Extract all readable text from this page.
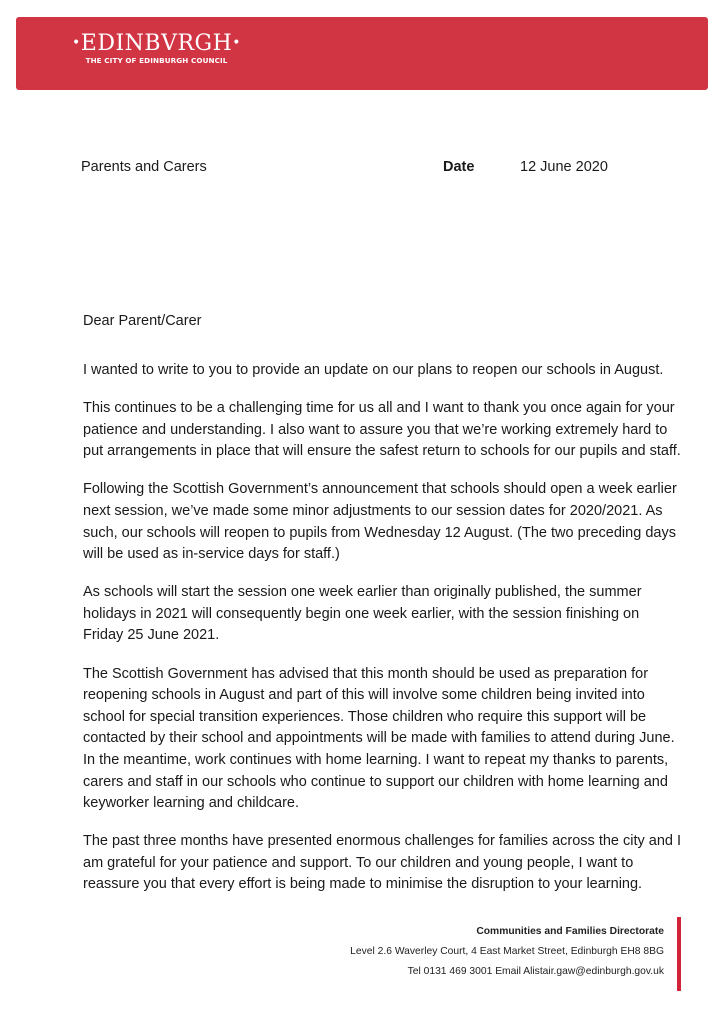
•EDINBVRGH•
THE CITY OF EDINBURGH COUNCIL
Parents and Carers	Date	12 June 2020
Dear Parent/Carer

I wanted to write to you to provide an update on our plans to reopen our schools in August.

This continues to be a challenging time for us all and I want to thank you once again for your patience and understanding. I also want to assure you that we’re working extremely hard to put arrangements in place that will ensure the safest return to schools for our pupils and staff.

Following the Scottish Government’s announcement that schools should open a week earlier next session, we’ve made some minor adjustments to our session dates for 2020/2021. As such, our schools will reopen to pupils from Wednesday 12 August. (The two preceding days will be used as in-service days for staff.)

As schools will start the session one week earlier than originally published, the summer holidays in 2021 will consequently begin one week earlier, with the session finishing on Friday 25 June 2021.

The Scottish Government has advised that this month should be used as preparation for reopening schools in August and part of this will involve some children being invited into school for special transition experiences. Those children who require this support will be contacted by their school and appointments will be made with families to attend during June. In the meantime, work continues with home learning. I want to repeat my thanks to parents, carers and staff in our schools who continue to support our children with home learning and keyworker learning and childcare.

The past three months have presented enormous challenges for families across the city and I am grateful for your patience and support. To our children and young people, I want to reassure you that every effort is being made to minimise the disruption to your learning.

Communities and Families Directorate
Level 2.6 Waverley Court, 4 East Market Street, Edinburgh EH8 8BG
Tel 0131 469 3001 Email Alistair.gaw@edinburgh.gov.uk
